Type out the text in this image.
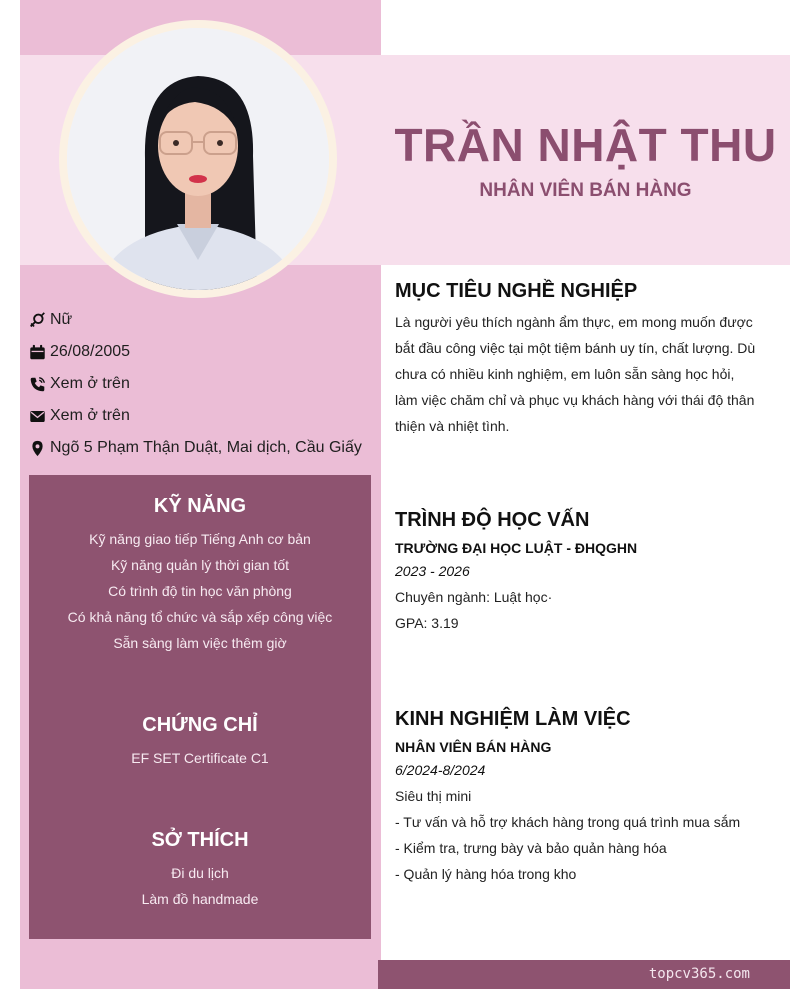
TRẦN NHẬT THU
NHÂN VIÊN BÁN HÀNG
Nữ
26/08/2005
Xem ở trên
Xem ở trên
Ngõ 5 Phạm Thận Duật, Mai dịch, Cầu Giấy
KỸ NĂNG
Kỹ năng giao tiếp Tiếng Anh cơ bản
Kỹ năng quản lý thời gian tốt
Có trình độ tin học văn phòng
Có khả năng tổ chức và sắp xếp công việc
Sẵn sàng làm việc thêm giờ
CHỨNG CHỈ
EF SET Certificate C1
SỞ THÍCH
Đi du lịch
Làm đồ handmade
MỤC TIÊU NGHỀ NGHIỆP
Là người yêu thích ngành ẩm thực, em mong muốn được
bắt đầu công việc tại một tiệm bánh uy tín, chất lượng. Dù
chưa có nhiều kinh nghiệm, em luôn sẵn sàng học hỏi,
làm việc chăm chỉ và phục vụ khách hàng với thái độ thân
thiện và nhiệt tình.
TRÌNH ĐỘ HỌC VẤN
TRƯỜNG ĐẠI HỌC LUẬT - ĐHQGHN
2023 - 2026
Chuyên ngành: Luật học·
GPA: 3.19
KINH NGHIỆM LÀM VIỆC
NHÂN VIÊN BÁN HÀNG
6/2024-8/2024
Siêu thị mini
- Tư vấn và hỗ trợ khách hàng trong quá trình mua sắm
- Kiểm tra, trưng bày và bảo quản hàng hóa
- Quản lý hàng hóa trong kho
topcv365.com
